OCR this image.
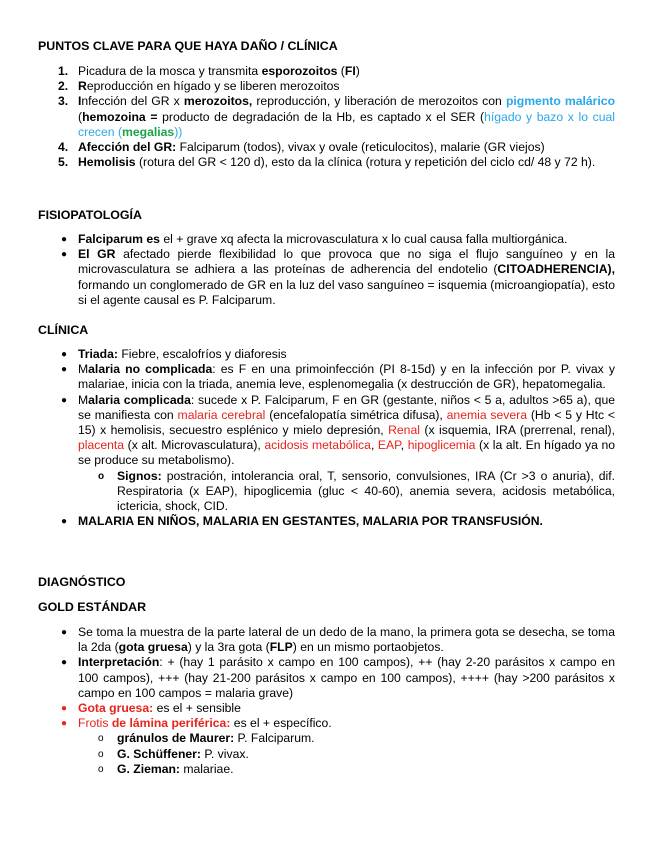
PUNTOS CLAVE PARA QUE HAYA DAÑO / CLÍNICA
1. Picadura de la mosca y transmita esporozoitos (FI)
2. Reproducción en hígado y se liberen merozoitos
3. Infección del GR x merozoitos, reproducción, y liberación de merozoitos con pigmento malárico (hemozoina = producto de degradación de la Hb, es captado x el SER (hígado y bazo x lo cual crecen (megalias))
4. Afección del GR: Falciparum (todos), vivax y ovale (reticulocitos), malarie (GR viejos)
5. Hemolisis (rotura del GR < 120 d), esto da la clínica (rotura y repetición del ciclo cd/ 48 y 72 h).
FISIOPATOLOGÍA
● Falciparum es el + grave xq afecta la microvasculatura x lo cual causa falla multiorgánica.
● El GR afectado pierde flexibilidad lo que provoca que no siga el flujo sanguíneo y en la microvasculatura se adhiera a las proteínas de adherencia del endotelio (CITOADHERENCIA), formando un conglomerado de GR en la luz del vaso sanguíneo = isquemia (microangiopatía), esto si el agente causal es P. Falciparum.
CLÍNICA
● Triada: Fiebre, escalofríos y diaforesis
● Malaria no complicada: es F en una primoinfección (PI 8-15d) y en la infección por P. vivax y malariae, inicia con la triada, anemia leve, esplenomegalia (x destrucción de GR), hepatomegalia.
● Malaria complicada: sucede x P. Falciparum, F en GR (gestante, niños < 5 a, adultos >65 a), que se manifiesta con malaria cerebral (encefalopatía simétrica difusa), anemia severa (Hb < 5 y Htc < 15) x hemolisis, secuestro esplénico y mielo depresión, Renal (x isquemia, IRA (prerrenal, renal), placenta (x alt. Microvasculatura), acidosis metabólica, EAP, hipoglicemia (x la alt. En hígado ya no se produce su metabolismo).
o Signos: postración, intolerancia oral, T, sensorio, convulsiones, IRA (Cr >3 o anuria), dif. Respiratoria (x EAP), hipoglicemia (gluc < 40-60), anemia severa, acidosis metabólica, ictericia, shock, CID.
● MALARIA EN NIÑOS, MALARIA EN GESTANTES, MALARIA POR TRANSFUSIÓN.
DIAGNÓSTICO
GOLD ESTÁNDAR
● Se toma la muestra de la parte lateral de un dedo de la mano, la primera gota se desecha, se toma la 2da (gota gruesa) y la 3ra gota (FLP) en un mismo portaobjetos.
● Interpretación: + (hay 1 parásito x campo en 100 campos), ++ (hay 2-20 parásitos x campo en 100 campos), +++ (hay 21-200 parásitos x campo en 100 campos), ++++ (hay >200 parásitos x campo en 100 campos = malaria grave)
● Gota gruesa: es el + sensible
● Frotis de lámina periférica: es el + específico.
o gránulos de Maurer: P. Falciparum.
o G. Schüffener: P. vivax.
o G. Zieman: malariae.
